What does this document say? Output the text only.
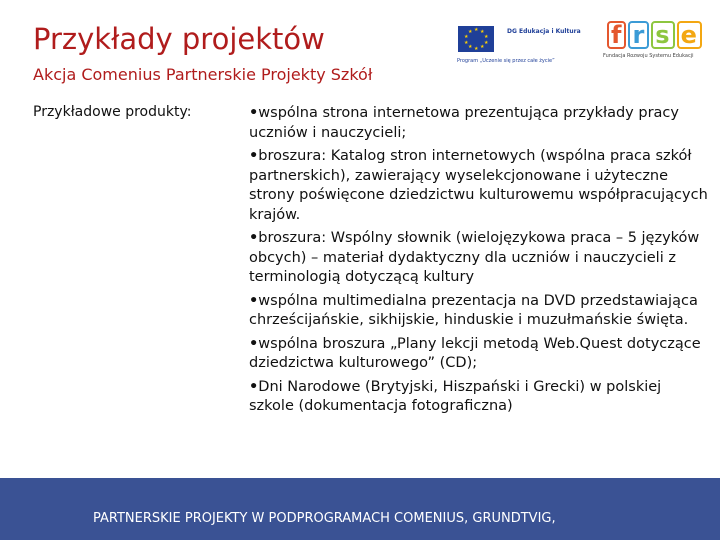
Przykłady projektów
Akcja Comenius Partnerskie Projekty Szkół
★ ★
★
★
★
★
★
★
★
★	DG Edukacja i Kultura
Program „Uczenie się przez całe życie”
f r s e
Fundacja Rozwoju Systemu Edukacji
Przykładowe produkty:
•	wspólna strona internetowa prezentująca przykłady pracy uczniów i nauczycieli;
• broszura: Katalog stron internetowych (wspólna praca szkół partnerskich), zawierający wyselekcjonowane i użyteczne strony poświęcone dziedzictwu kulturowemu współpracujących krajów.
• broszura: Wspólny słownik (wielojęzykowa praca – 5 języków obcych) – materiał dydaktyczny dla uczniów i nauczycieli z terminologią dotyczącą kultury
• wspólna multimedialna prezentacja na DVD przedstawiająca chrześcijańskie, sikhijskie, hinduskie i muzułmańskie święta.
• wspólna broszura „Plany lekcji metodą Web.Quest dotyczące dziedzictwa kulturowego” (CD);
• Dni Narodowe (Brytyjski, Hiszpański i Grecki) w polskiej szkole (dokumentacja fotograficzna)
PARTNERSKIE PROJEKTY W PODPROGRAMACH COMENIUS, GRUNDTVIG,
